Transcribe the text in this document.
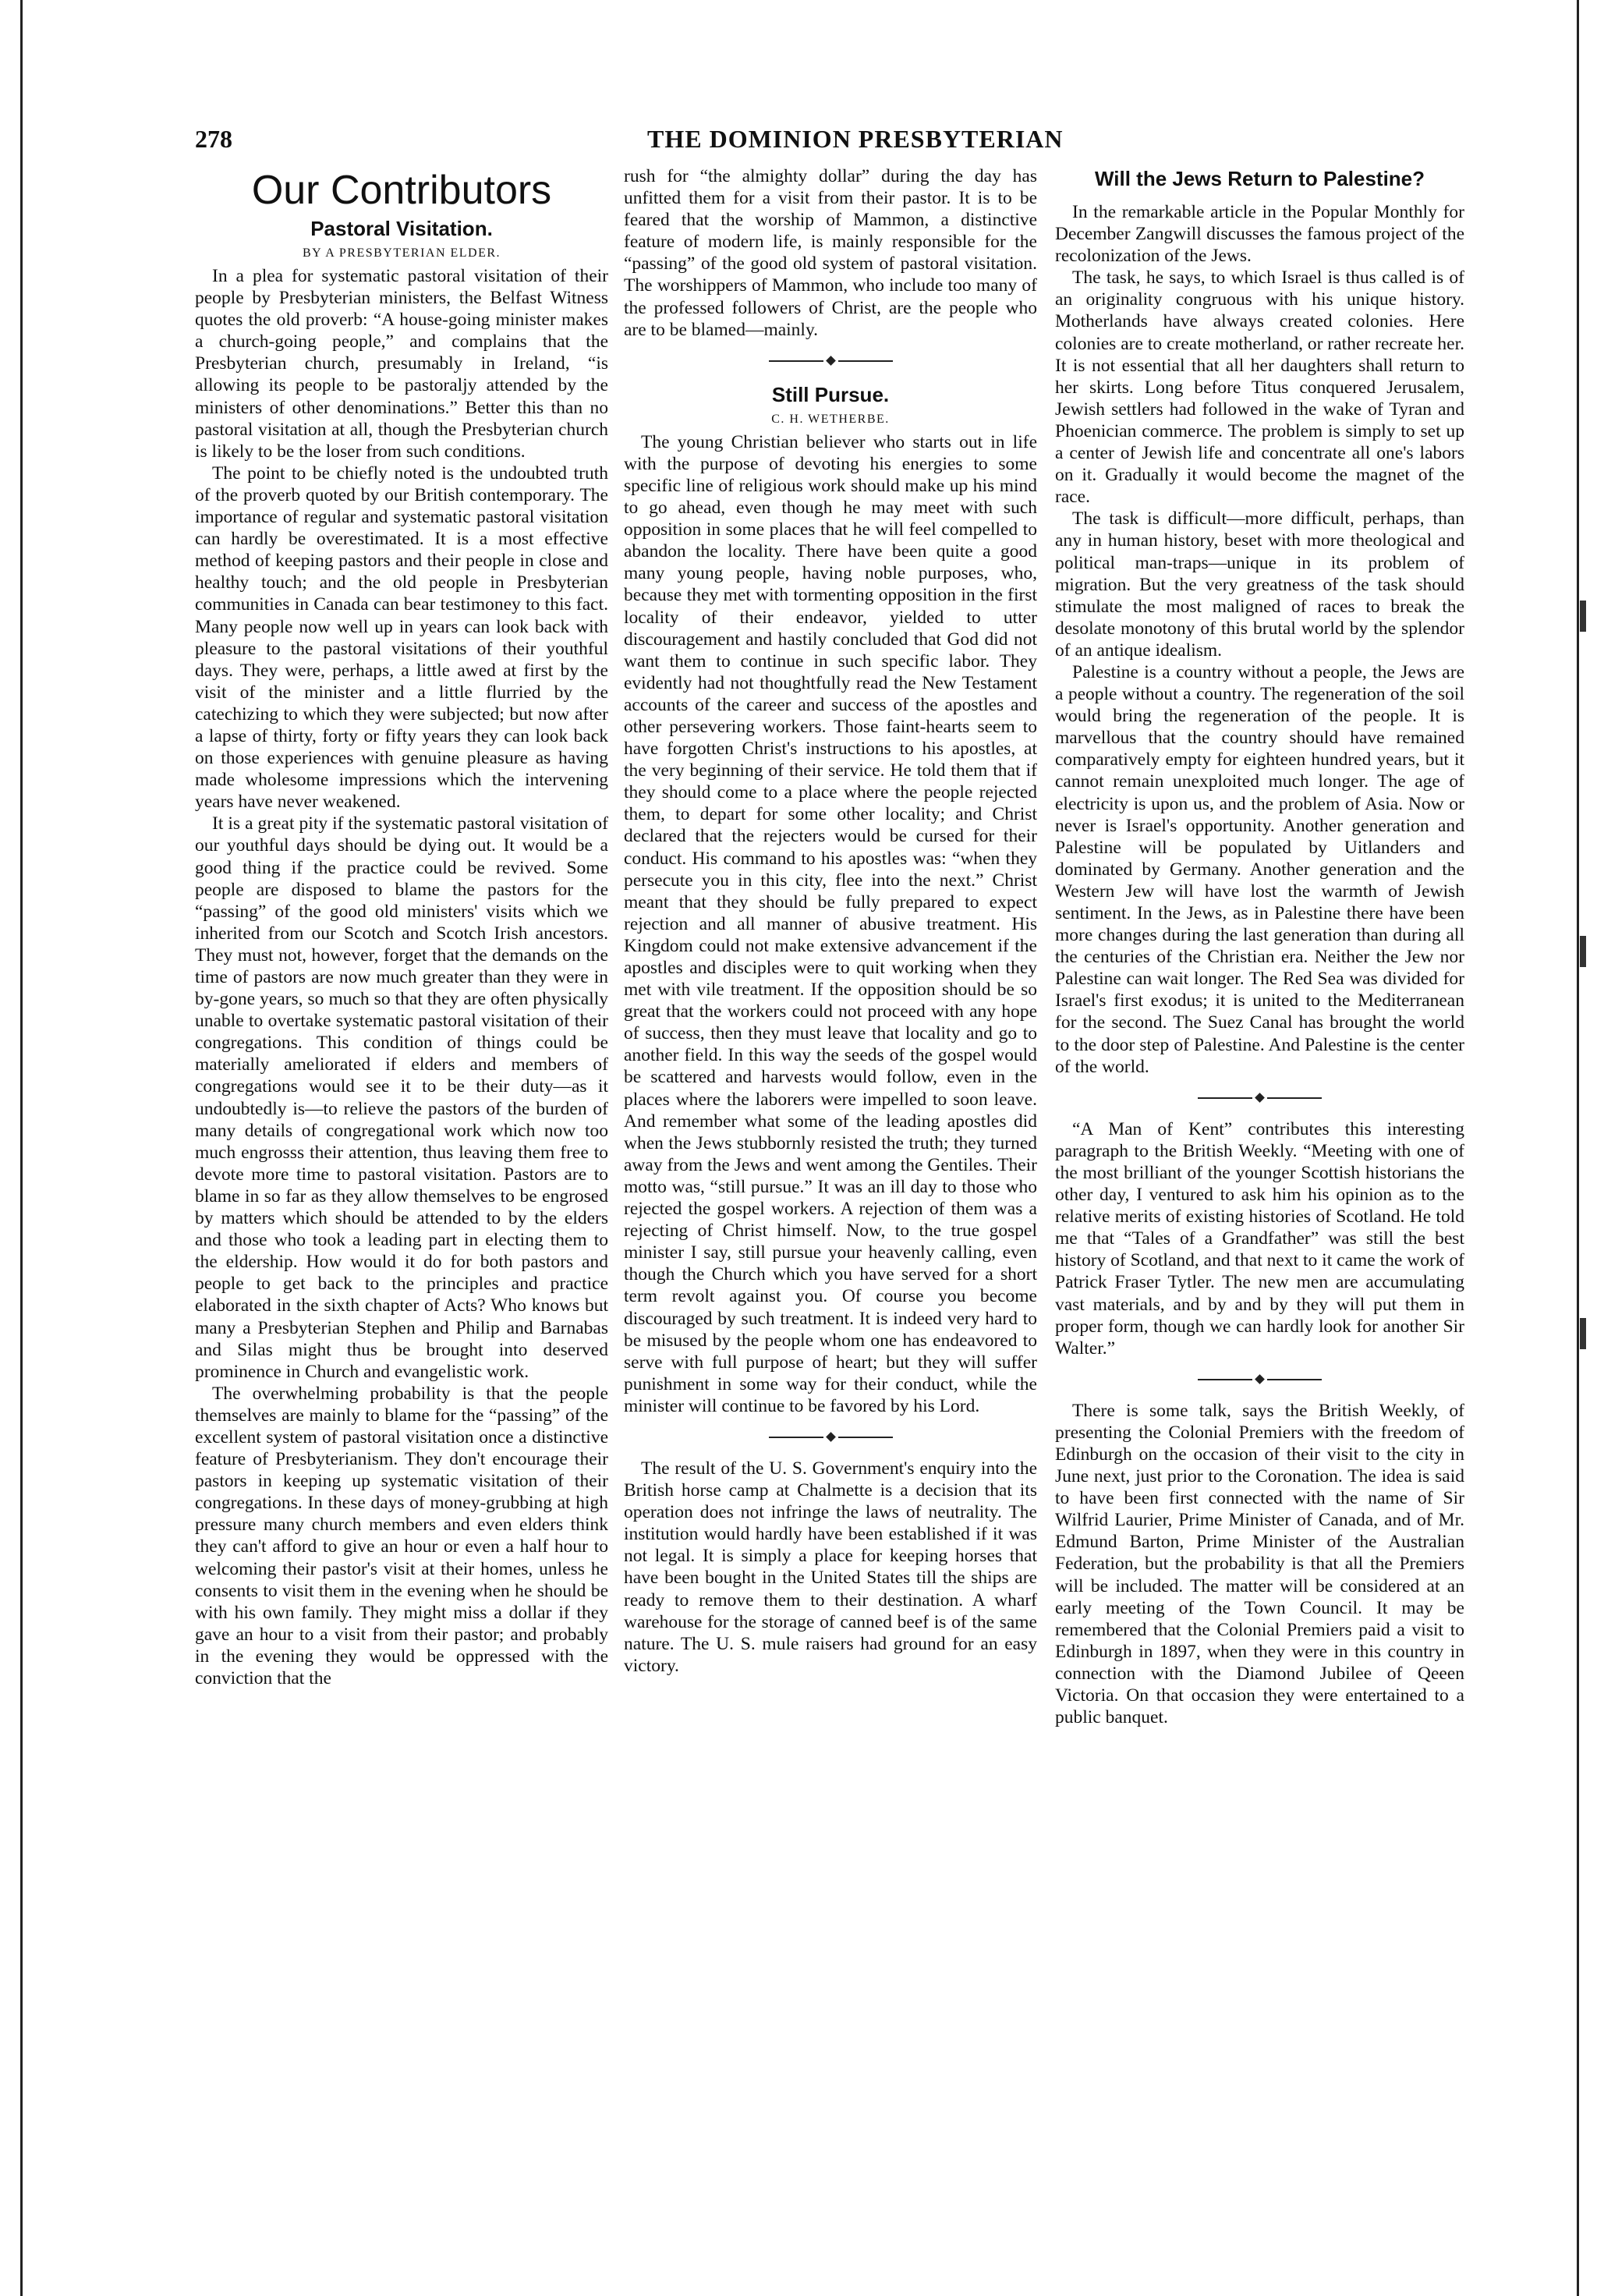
278	THE DOMINION PRESBYTERIAN
Our Contributors
Pastoral Visitation.
BY A PRESBYTERIAN ELDER.

In a plea for systematic pastoral visitation of their people by Presbyterian ministers, the Belfast Witness quotes the old proverb: “A house-going minister makes a church-going people,” and complains that the Presbyterian church, presumably in Ireland, “is allowing its people to be pastoraljy attended by the ministers of other denominations.” Better this than no pastoral visitation at all, though the Presbyterian church is likely to be the loser from such conditions.

The point to be chiefly noted is the undoubted truth of the proverb quoted by our British contemporary. The importance of regular and systematic pastoral visitation can hardly be overestimated. It is a most effective method of keeping pastors and their people in close and healthy touch; and the old people in Presbyterian communities in Canada can bear testimoney to this fact. Many people now well up in years can look back with pleasure to the pastoral visitations of their youthful days. They were, perhaps, a little awed at first by the visit of the minister and a little flurried by the catechizing to which they were subjected; but now after a lapse of thirty, forty or fifty years they can look back on those experiences with genuine pleasure as having made wholesome impressions which the intervening years have never weakened.

It is a great pity if the systematic pastoral visitation of our youthful days should be dying out. It would be a good thing if the practice could be revived. Some people are disposed to blame the pastors for the “passing” of the good old ministers' visits which we inherited from our Scotch and Scotch Irish ancestors. They must not, however, forget that the demands on the time of pastors are now much greater than they were in by-gone years, so much so that they are often physically unable to overtake systematic pastoral visitation of their congregations. This condition of things could be materially ameliorated if elders and members of congregations would see it to be their duty—as it undoubtedly is—to relieve the pastors of the burden of many details of congregational work which now too much engrosss their attention, thus leaving them free to devote more time to pastoral visitation. Pastors are to blame in so far as they allow themselves to be engrosed by matters which should be attended to by the elders and those who took a leading part in electing them to the eldership. How would it do for both pastors and people to get back to the principles and practice elaborated in the sixth chapter of Acts? Who knows but many a Presbyterian Stephen and Philip and Barnabas and Silas might thus be brought into deserved prominence in Church and evangelistic work.

The overwhelming probability is that the people themselves are mainly to blame for the “passing” of the excellent system of pastoral visitation once a distinctive feature of Presbyterianism. They don't encourage their pastors in keeping up systematic visitation of their congregations. In these days of money-grubbing at high pressure many church members and even elders think they can't afford to give an hour or even a half hour to welcoming their pastor's visit at their homes, unless he consents to visit them in the evening when he should be with his own family. They might miss a dollar if they gave an hour to a visit from their pastor; and probably in the evening they would be oppressed with the conviction that the

rush for “the almighty dollar” during the day has unfitted them for a visit from their pastor. It is to be feared that the worship of Mammon, a distinctive feature of modern life, is mainly responsible for the “passing” of the good old system of pastoral visitation. The worshippers of Mammon, who include too many of the professed followers of Christ, are the people who are to be blamed—mainly.

Still Pursue.
C. H. WETHERBE.

The young Christian believer who starts out in life with the purpose of devoting his energies to some specific line of religious work should make up his mind to go ahead, even though he may meet with such opposition in some places that he will feel compelled to abandon the locality. There have been quite a good many young people, having noble purposes, who, because they met with tormenting opposition in the first locality of their endeavor, yielded to utter discouragement and hastily concluded that God did not want them to continue in such specific labor. They evidently had not thoughtfully read the New Testament accounts of the career and success of the apostles and other persevering workers. Those faint-hearts seem to have forgotten Christ's instructions to his apostles, at the very beginning of their service. He told them that if they should come to a place where the people rejected them, to depart for some other locality; and Christ declared that the rejecters would be cursed for their conduct. His command to his apostles was: “when they persecute you in this city, flee into the next.” Christ meant that they should be fully prepared to expect rejection and all manner of abusive treatment. His Kingdom could not make extensive advancement if the apostles and disciples were to quit working when they met with vile treatment. If the opposition should be so great that the workers could not proceed with any hope of success, then they must leave that locality and go to another field. In this way the seeds of the gospel would be scattered and harvests would follow, even in the places where the laborers were impelled to soon leave. And remember what some of the leading apostles did when the Jews stubbornly resisted the truth; they turned away from the Jews and went among the Gentiles. Their motto was, “still pursue.” It was an ill day to those who rejected the gospel workers. A rejection of them was a rejecting of Christ himself. Now, to the true gospel minister I say, still pursue your heavenly calling, even though the Church which you have served for a short term revolt against you. Of course you become discouraged by such treatment. It is indeed very hard to be misused by the people whom one has endeavored to serve with full purpose of heart; but they will suffer punishment in some way for their conduct, while the minister will continue to be favored by his Lord.

The result of the U. S. Government's enquiry into the British horse camp at Chalmette is a decision that its operation does not infringe the laws of neutrality. The institution would hardly have been established if it was not legal. It is simply a place for keeping horses that have been bought in the United States till the ships are ready to remove them to their destination. A wharf warehouse for the storage of canned beef is of the same nature. The U. S. mule raisers had ground for an easy victory.

Will the Jews Return to Palestine?

In the remarkable article in the Popular Monthly for December Zangwill discusses the famous project of the recolonization of the Jews.

The task, he says, to which Israel is thus called is of an originality congruous with his unique history. Motherlands have always created colonies. Here colonies are to create motherland, or rather recreate her. It is not essential that all her daughters shall return to her skirts. Long before Titus conquered Jerusalem, Jewish settlers had followed in the wake of Tyran and Phoenician commerce. The problem is simply to set up a center of Jewish life and concentrate all one's labors on it. Gradually it would become the magnet of the race.

The task is difficult—more difficult, perhaps, than any in human history, beset with more theological and political man-traps—unique in its problem of migration. But the very greatness of the task should stimulate the most maligned of races to break the desolate monotony of this brutal world by the splendor of an antique idealism.

Palestine is a country without a people, the Jews are a people without a country. The regeneration of the soil would bring the regeneration of the people. It is marvellous that the country should have remained comparatively empty for eighteen hundred years, but it cannot remain unexploited much longer. The age of electricity is upon us, and the problem of Asia. Now or never is Israel's opportunity. Another generation and Palestine will be populated by Uitlanders and dominated by Germany. Another generation and the Western Jew will have lost the warmth of Jewish sentiment. In the Jews, as in Palestine there have been more changes during the last generation than during all the centuries of the Christian era. Neither the Jew nor Palestine can wait longer. The Red Sea was divided for Israel's first exodus; it is united to the Mediterranean for the second. The Suez Canal has brought the world to the door step of Palestine. And Palestine is the center of the world.

“A Man of Kent” contributes this interesting paragraph to the British Weekly. “Meeting with one of the most brilliant of the younger Scottish historians the other day, I ventured to ask him his opinion as to the relative merits of existing histories of Scotland. He told me that “Tales of a Grandfather” was still the best history of Scotland, and that next to it came the work of Patrick Fraser Tytler. The new men are accumulating vast materials, and by and by they will put them in proper form, though we can hardly look for another Sir Walter.”

There is some talk, says the British Weekly, of presenting the Colonial Premiers with the freedom of Edinburgh on the occasion of their visit to the city in June next, just prior to the Coronation. The idea is said to have been first connected with the name of Sir Wilfrid Laurier, Prime Minister of Canada, and of Mr. Edmund Barton, Prime Minister of the Australian Federation, but the probability is that all the Premiers will be included. The matter will be considered at an early meeting of the Town Council. It may be remembered that the Colonial Premiers paid a visit to Edinburgh in 1897, when they were in this country in connection with the Diamond Jubilee of Qeeen Victoria. On that occasion they were entertained to a public banquet.
